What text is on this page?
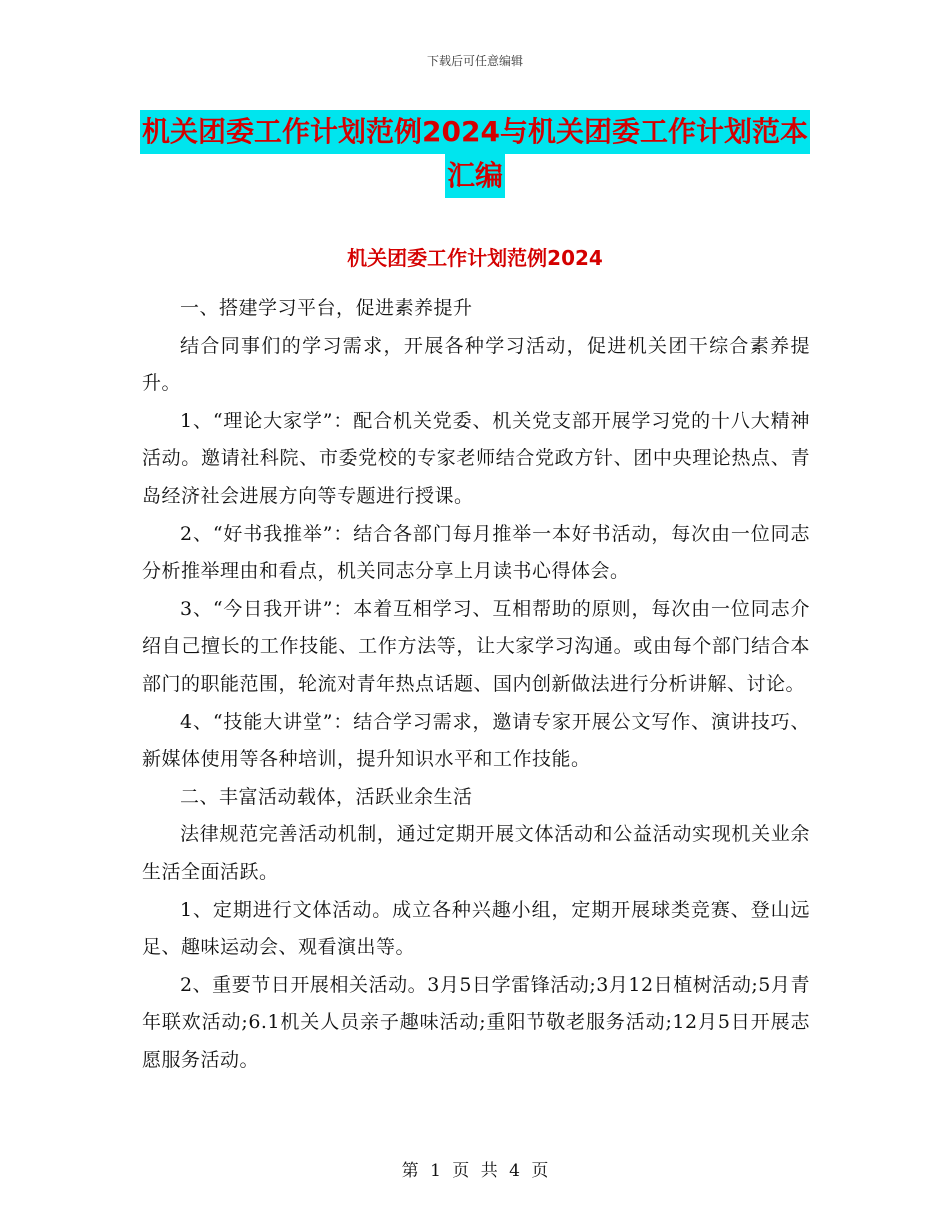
下载后可任意编辑
机关团委工作计划范例2024与机关团委工作计划范本
汇编
机关团委工作计划范例2024

一、搭建学习平台，促进素养提升

结合同事们的学习需求，开展各种学习活动，促进机关团干综合素养提升。

1、“理论大家学”：配合机关党委、机关党支部开展学习党的十八大精神活动。邀请社科院、市委党校的专家老师结合党政方针、团中央理论热点、青岛经济社会进展方向等专题进行授课。

2、“好书我推举”：结合各部门每月推举一本好书活动，每次由一位同志分析推举理由和看点，机关同志分享上月读书心得体会。

3、“今日我开讲”：本着互相学习、互相帮助的原则，每次由一位同志介绍自己擅长的工作技能、工作方法等，让大家学习沟通。或由每个部门结合本部门的职能范围，轮流对青年热点话题、国内创新做法进行分析讲解、讨论。

4、“技能大讲堂”：结合学习需求，邀请专家开展公文写作、演讲技巧、新媒体使用等各种培训，提升知识水平和工作技能。

二、丰富活动载体，活跃业余生活

法律规范完善活动机制，通过定期开展文体活动和公益活动实现机关业余生活全面活跃。

1、定期进行文体活动。成立各种兴趣小组，定期开展球类竞赛、登山远足、趣味运动会、观看演出等。

2、重要节日开展相关活动。3月5日学雷锋活动;3月12日植树活动;5月青年联欢活动;6.1机关人员亲子趣味活动;重阳节敬老服务活动;12月5日开展志愿服务活动。

第 1 页 共 4 页
